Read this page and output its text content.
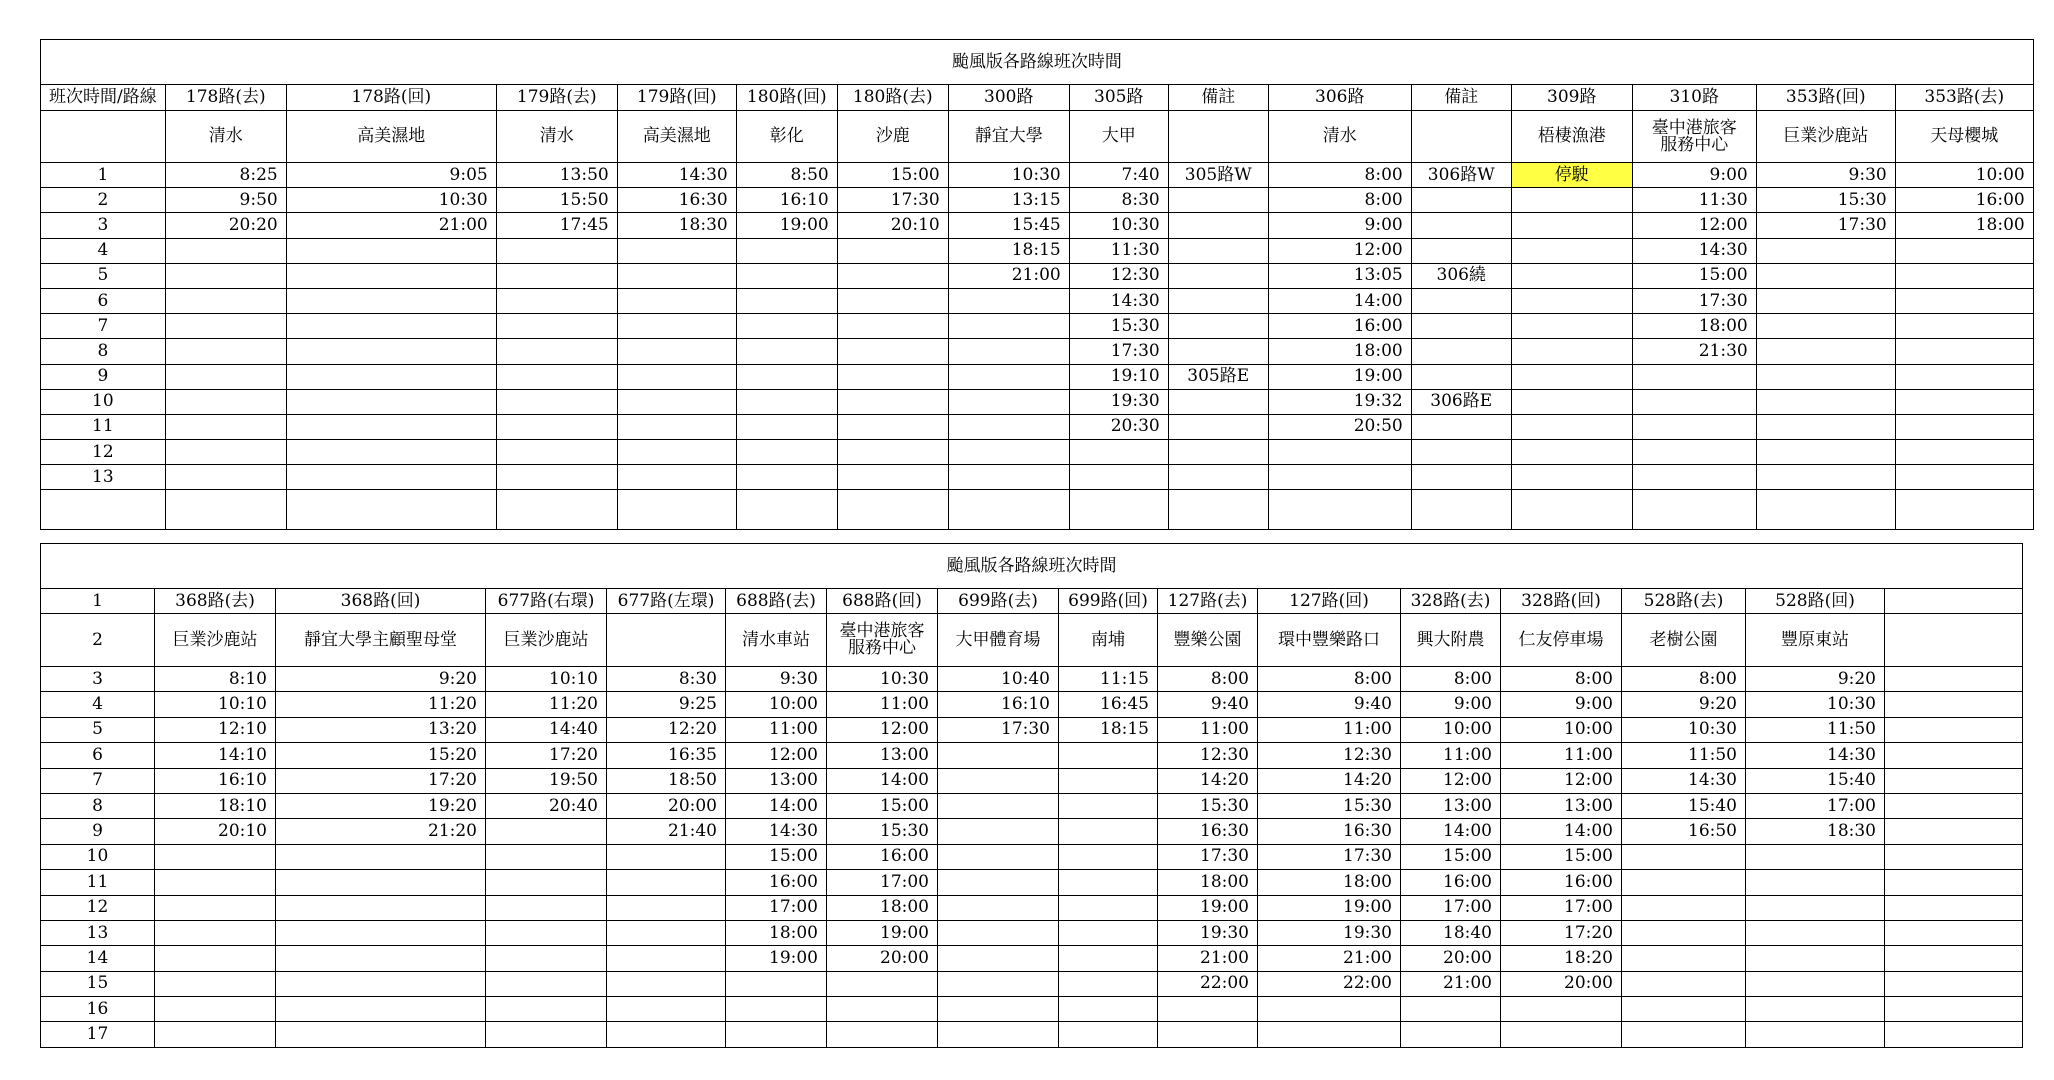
颱風版各路線班次時間															
班次時間/路線	178路(去)	178路(回)	179路(去)	179路(回)	180路(回)	180路(去)	300路	305路	備註	306路	備註	309路	310路	353路(回)	353路(去)
	清水	高美濕地	清水	高美濕地	彰化	沙鹿	靜宜大學	大甲		清水		梧棲漁港	臺中港旅客
服務中心	巨業沙鹿站	天母櫻城
1	8:25	9:05	13:50	14:30	8:50	15:00	10:30	7:40	305路W	8:00	306路W	停駛	9:00	9:30	10:00
2	9:50	10:30	15:50	16:30	16:10	17:30	13:15	8:30		8:00			11:30	15:30	16:00
3	20:20	21:00	17:45	18:30	19:00	20:10	15:45	10:30		9:00			12:00	17:30	18:00
4							18:15	11:30		12:00			14:30		
5							21:00	12:30		13:05	306繞		15:00		
6								14:30		14:00			17:30		
7								15:30		16:00			18:00		
8								17:30		18:00			21:30		
9								19:10	305路E	19:00					
10								19:30		19:32	306路E				
11								20:30		20:50					
12															
13															

颱風版各路線班次時間															
1	368路(去)	368路(回)	677路(右環)	677路(左環)	688路(去)	688路(回)	699路(去)	699路(回)	127路(去)	127路(回)	328路(去)	328路(回)	528路(去)	528路(回)	
2	巨業沙鹿站	靜宜大學主顧聖母堂	巨業沙鹿站		清水車站	臺中港旅客
服務中心	大甲體育場	南埔	豐樂公園	環中豐樂路口	興大附農	仁友停車場	老樹公園	豐原東站	
3	8:10	9:20	10:10	8:30	9:30	10:30	10:40	11:15	8:00	8:00	8:00	8:00	8:00	9:20	
4	10:10	11:20	11:20	9:25	10:00	11:00	16:10	16:45	9:40	9:40	9:00	9:00	9:20	10:30	
5	12:10	13:20	14:40	12:20	11:00	12:00	17:30	18:15	11:00	11:00	10:00	10:00	10:30	11:50	
6	14:10	15:20	17:20	16:35	12:00	13:00			12:30	12:30	11:00	11:00	11:50	14:30	
7	16:10	17:20	19:50	18:50	13:00	14:00			14:20	14:20	12:00	12:00	14:30	15:40	
8	18:10	19:20	20:40	20:00	14:00	15:00			15:30	15:30	13:00	13:00	15:40	17:00	
9	20:10	21:20		21:40	14:30	15:30			16:30	16:30	14:00	14:00	16:50	18:30	
10					15:00	16:00			17:30	17:30	15:00	15:00			
11					16:00	17:00			18:00	18:00	16:00	16:00			
12					17:00	18:00			19:00	19:00	17:00	17:00			
13					18:00	19:00			19:30	19:30	18:40	17:20			
14					19:00	20:00			21:00	21:00	20:00	18:20			
15									22:00	22:00	21:00	20:00			
16															
17															
